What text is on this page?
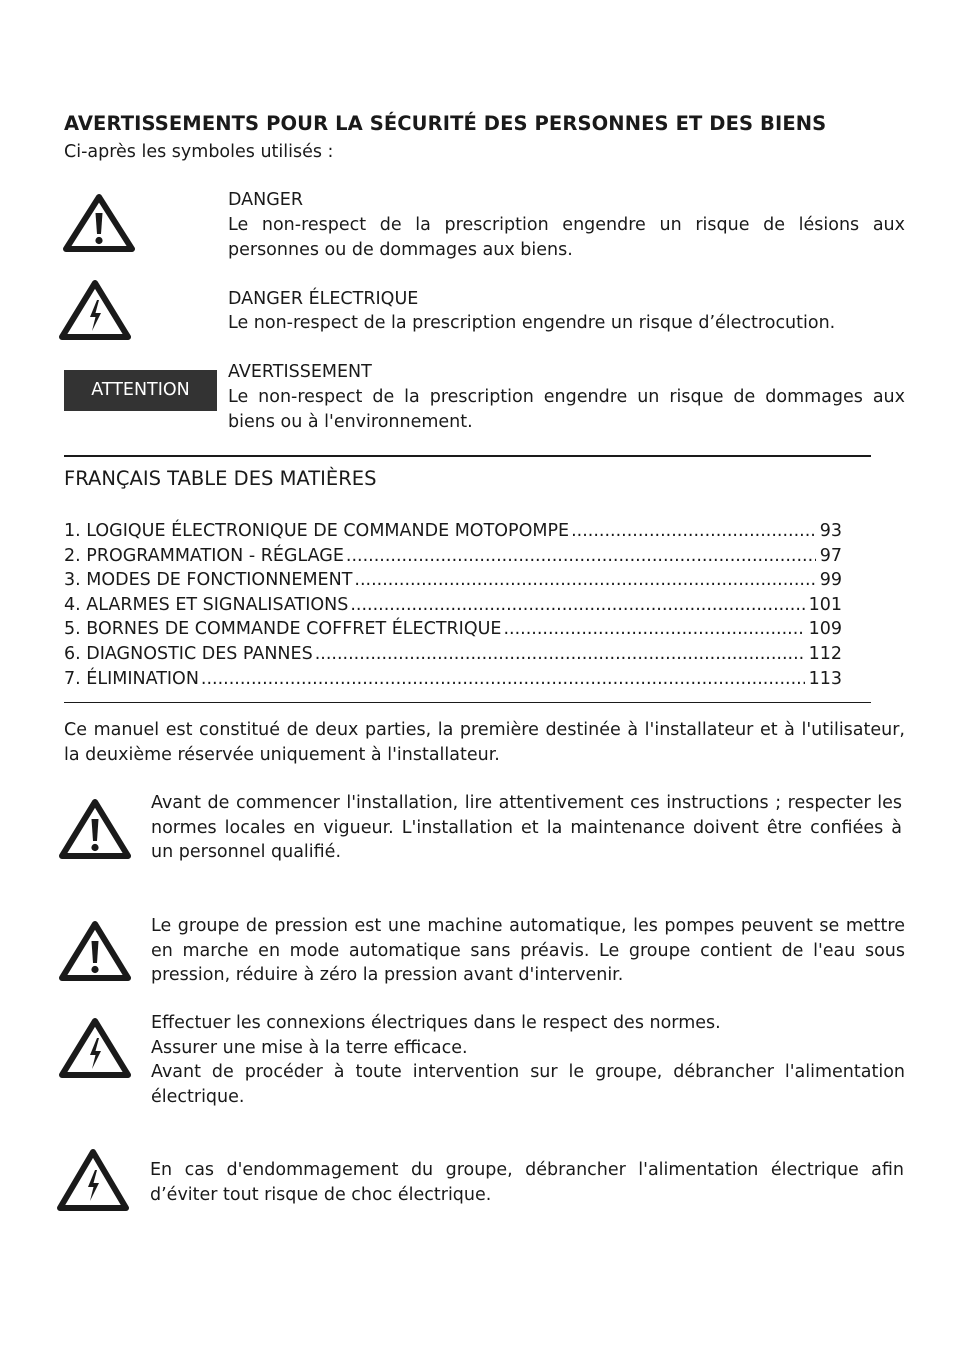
AVERTISSEMENTS POUR LA SÉCURITÉ DES PERSONNES ET DES BIENS
Ci-après les symboles utilisés :
DANGER
Le non-respect de la prescription engendre un risque de lésions aux personnes ou de dommages aux biens.
DANGER ÉLECTRIQUE
Le non-respect de la prescription engendre un risque d’électrocution.
ATTENTION
AVERTISSEMENT
Le non-respect de la prescription engendre un risque de dommages aux biens ou à l'environnement.
FRANÇAIS TABLE DES MATIÈRES
1. LOGIQUE ÉLECTRONIQUE DE COMMANDE MOTOPOMPE .....	93
2. PROGRAMMATION - RÉGLAGE .....	97
3. MODES DE FONCTIONNEMENT .....	99
4. ALARMES ET SIGNALISATIONS .....	101
5. BORNES DE COMMANDE COFFRET ÉLECTRIQUE .....	109
6. DIAGNOSTIC DES PANNES .....	112
7. ÉLIMINATION .....	113
Ce manuel est constitué de deux parties, la première destinée à l'installateur et à l'utilisateur, la deuxième réservée uniquement à l'installateur.
Avant de commencer l'installation, lire attentivement ces instructions ; respecter les normes locales en vigueur. L'installation et la maintenance doivent être confiées à un personnel qualifié.
Le groupe de pression est une machine automatique, les pompes peuvent se mettre en marche en mode automatique sans préavis. Le groupe contient de l'eau sous pression, réduire à zéro la pression avant d'intervenir.
Effectuer les connexions électriques dans le respect des normes.
Assurer une mise à la terre efficace.
Avant de procéder à toute intervention sur le groupe, débrancher l'alimentation électrique.
En cas d'endommagement du groupe, débrancher l'alimentation électrique afin d’éviter tout risque de choc électrique.
